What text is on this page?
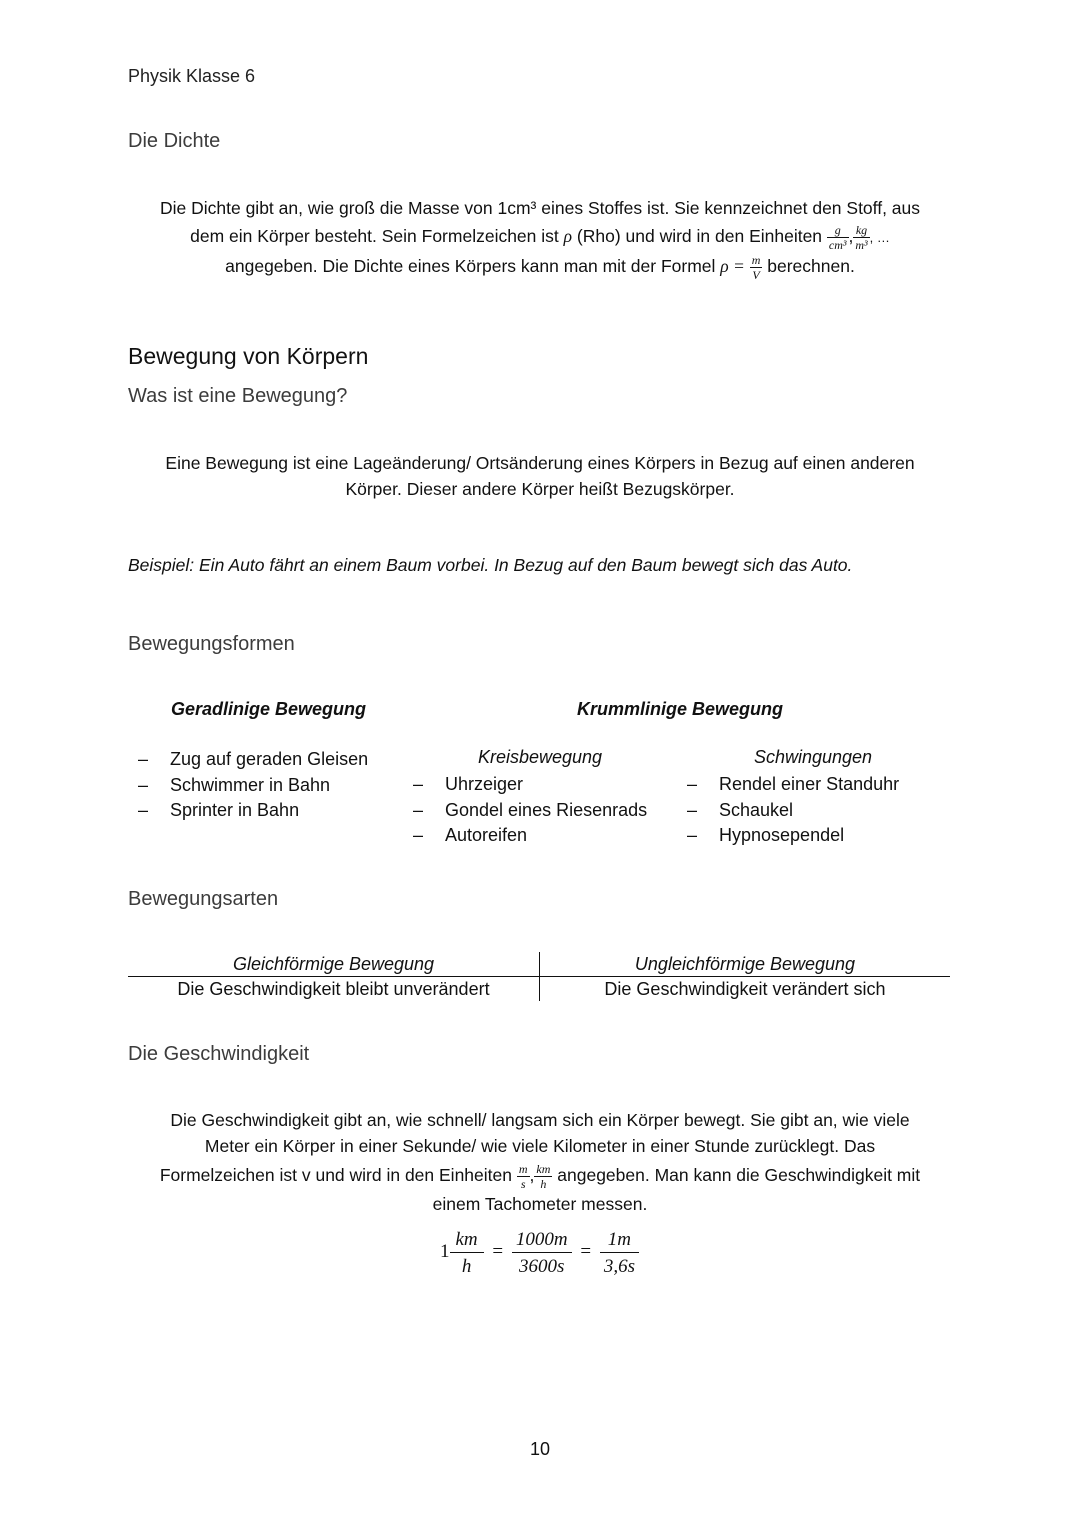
Physik Klasse 6
Die Dichte
Die Dichte gibt an, wie groß die Masse von 1cm³ eines Stoffes ist. Sie kennzeichnet den Stoff, aus
dem ein Körper besteht. Sein Formelzeichen ist ρ (Rho) und wird in den Einheiten $\frac{g}{\text{cm³}}$ , $\frac{kg}{\text{m³}}$ , …
angegeben. Die Dichte eines Körpers kann man mit der Formel $\rho = \frac{m}{V}$ berechnen.
Bewegung von Körpern
Was ist eine Bewegung?
Eine Bewegung ist eine Lageänderung/ Ortsänderung eines Körpers in Bezug auf einen anderen
Körper. Dieser andere Körper heißt Bezugskörper.
Beispiel: Ein Auto fährt an einem Baum vorbei. In Bezug auf den Baum bewegt sich das Auto.
Bewegungsformen
Geradlinige Bewegung	Krummlinige Bewegung
– Zug auf geraden Gleisen
– Schwimmer in Bahn
– Sprinter in Bahn
Kreisbewegung
– Uhrzeiger
– Gondel eines Riesenrads
– Autoreifen
Schwingungen
– Rendel einer Standuhr
– Schaukel
– Hypnosependel
Bewegungsarten
Gleichförmige Bewegung
Die Geschwindigkeit bleibt unverändert
Ungleichförmige Bewegung
Die Geschwindigkeit verändert sich
Die Geschwindigkeit
Die Geschwindigkeit gibt an, wie schnell/ langsam sich ein Körper bewegt. Sie gibt an, wie viele
Meter ein Körper in einer Sekunde/ wie viele Kilometer in einer Stunde zurücklegt. Das
Formelzeichen ist v und wird in den Einheiten $\frac{m}{s}$ , $\frac{km}{h}$ angegeben. Man kann die Geschwindigkeit mit
einem Tachometer messen.
$1 \frac{km}{h} = \frac{1000m}{3600s} = \frac{1m}{3,6s}$
10
